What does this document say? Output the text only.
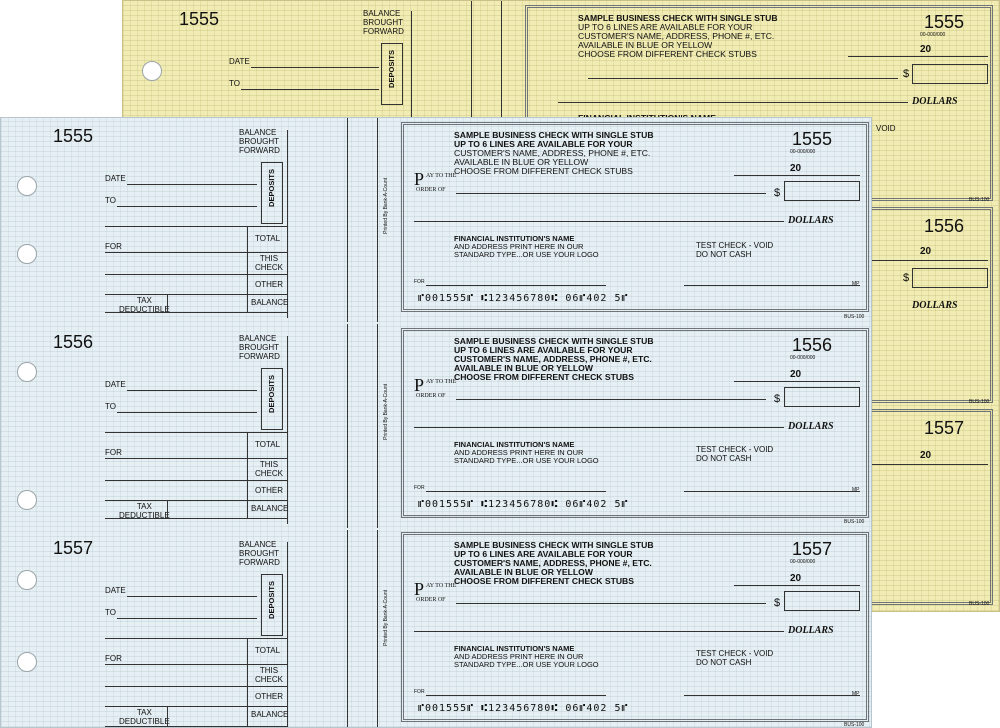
1555	BALANCE
BROUGHT
FORWARD
DATE
TO	DEPOSITS
SAMPLE BUSINESS CHECK WITH SINGLE STUB
UP TO 6 LINES ARE AVAILABLE FOR YOUR
CUSTOMER'S NAME, ADDRESS, PHONE #, ETC.
AVAILABLE IN BLUE OR YELLOW
CHOOSE FROM DIFFERENT CHECK STUBS
1555
00-000/000
20
$
DOLLARS
VOID
BUS-100
1556
20
$
DOLLARS
BUS-100
1557
20
BUS-100
1555	BALANCE
BROUGHT
FORWARD
DATE
TO	DEPOSITS
TOTAL
FOR
THIS
CHECK
OTHER
TAX
DEDUCTIBLE
BALANCE
Printed By Bank-A-Count
1556	BALANCE
BROUGHT
FORWARD
DATE
TO	DEPOSITS
TOTAL
FOR
THIS
CHECK
OTHER
TAX
DEDUCTIBLE
BALANCE
Printed By Bank-A-Count
1557	BALANCE
BROUGHT
FORWARD
DATE
TO	DEPOSITS
TOTAL
FOR
THIS
CHECK
OTHER
TAX
DEDUCTIBLE
BALANCE
Printed By Bank-A-Count
SAMPLE BUSINESS CHECK WITH SINGLE STUB
UP TO 6 LINES ARE AVAILABLE FOR YOUR
CUSTOMER'S NAME, ADDRESS, PHONE #, ETC.
AVAILABLE IN BLUE OR YELLOW
CHOOSE FROM DIFFERENT CHECK STUBS
1555
00-000/000
20
P AY TO THE
ORDER OF	$
DOLLARS
FINANCIAL INSTITUTION'S NAME
AND ADDRESS PRINT HERE IN OUR
STANDARD TYPE...OR USE YOUR LOGO
TEST CHECK - VOID
DO NOT CASH
FOR	MP
⑈001555⑈ ⑆123456780⑆ 06⑈402 5⑈
BUS-100
SAMPLE BUSINESS CHECK WITH SINGLE STUB
UP TO 6 LINES ARE AVAILABLE FOR YOUR
CUSTOMER'S NAME, ADDRESS, PHONE #, ETC.
AVAILABLE IN BLUE OR YELLOW
CHOOSE FROM DIFFERENT CHECK STUBS
1556
00-000/000
20
P AY TO THE
ORDER OF	$
DOLLARS
FINANCIAL INSTITUTION'S NAME
AND ADDRESS PRINT HERE IN OUR
STANDARD TYPE...OR USE YOUR LOGO
TEST CHECK - VOID
DO NOT CASH
FOR	MP
⑈001555⑈ ⑆123456780⑆ 06⑈402 5⑈
BUS-100
SAMPLE BUSINESS CHECK WITH SINGLE STUB
UP TO 6 LINES ARE AVAILABLE FOR YOUR
CUSTOMER'S NAME, ADDRESS, PHONE #, ETC.
AVAILABLE IN BLUE OR YELLOW
CHOOSE FROM DIFFERENT CHECK STUBS
1557
00-000/000
20
P AY TO THE
ORDER OF	$
DOLLARS
FINANCIAL INSTITUTION'S NAME
AND ADDRESS PRINT HERE IN OUR
STANDARD TYPE...OR USE YOUR LOGO
TEST CHECK - VOID
DO NOT CASH
FOR	MP
⑈001555⑈ ⑆123456780⑆ 06⑈402 5⑈
BUS-100
